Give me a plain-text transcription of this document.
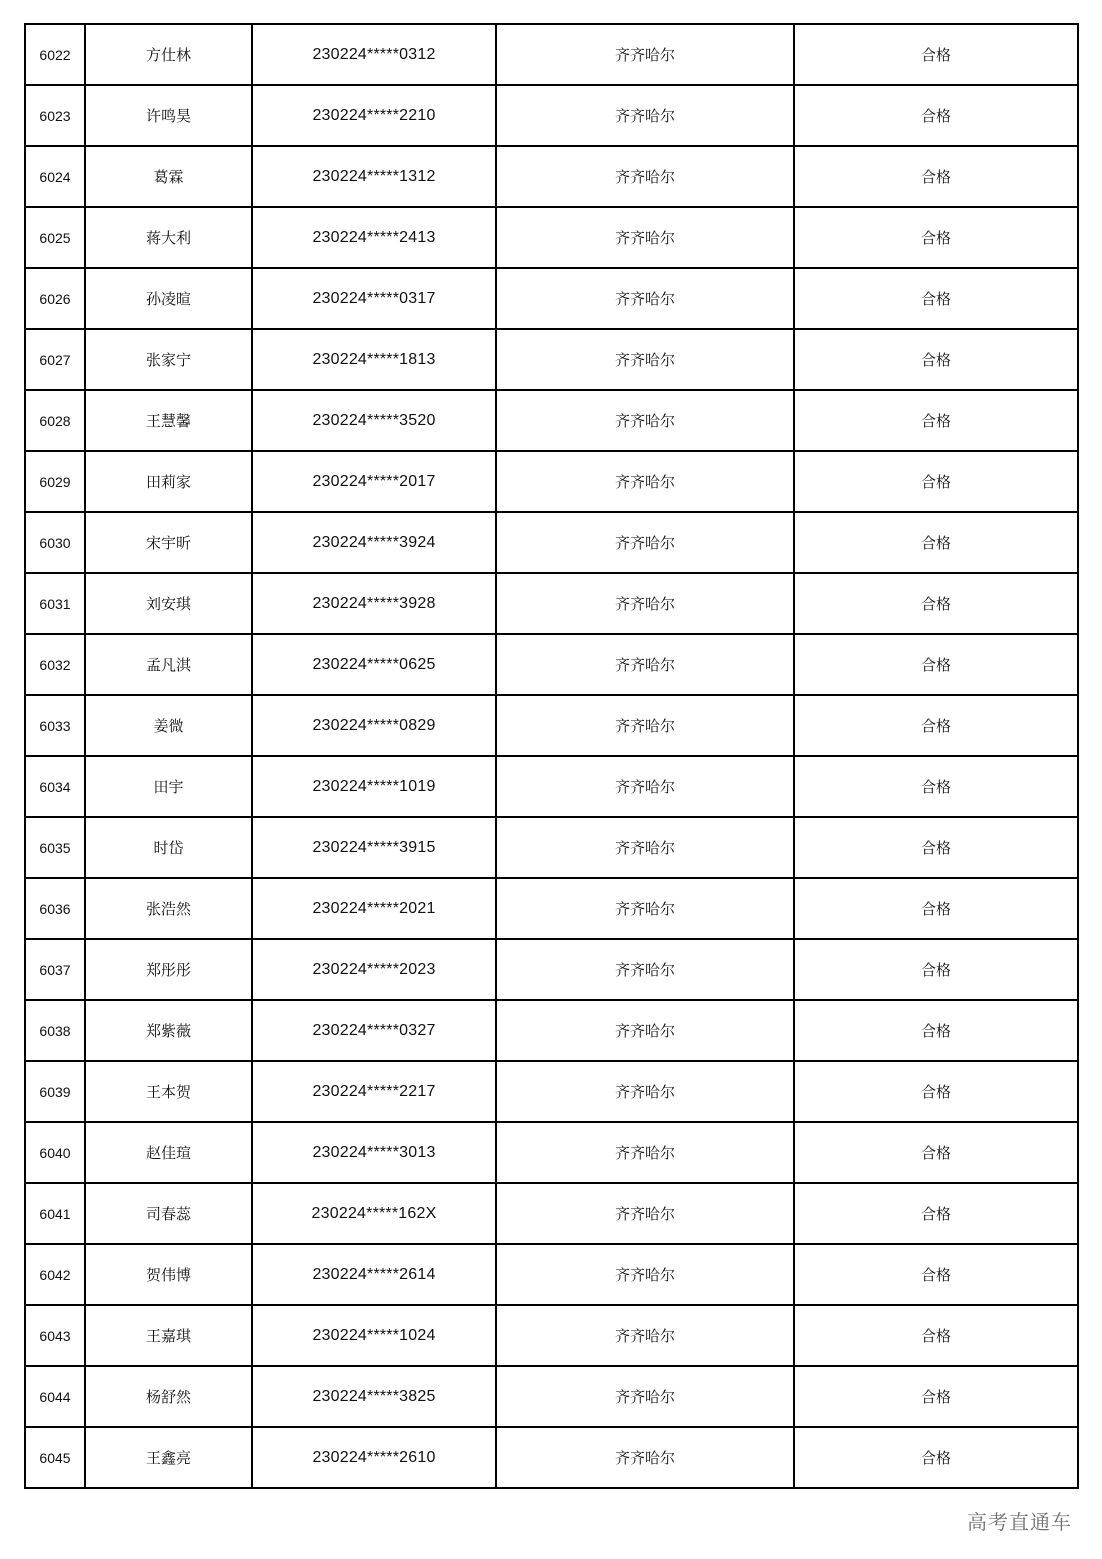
6022	方仕林	230224*****0312	齐齐哈尔	合格
6023	许鸣昊	230224*****2210	齐齐哈尔	合格
6024	葛霖	230224*****1312	齐齐哈尔	合格
6025	蒋大利	230224*****2413	齐齐哈尔	合格
6026	孙凌暄	230224*****0317	齐齐哈尔	合格
6027	张家宁	230224*****1813	齐齐哈尔	合格
6028	王慧馨	230224*****3520	齐齐哈尔	合格
6029	田莉家	230224*****2017	齐齐哈尔	合格
6030	宋宇昕	230224*****3924	齐齐哈尔	合格
6031	刘安琪	230224*****3928	齐齐哈尔	合格
6032	孟凡淇	230224*****0625	齐齐哈尔	合格
6033	姜微	230224*****0829	齐齐哈尔	合格
6034	田宇	230224*****1019	齐齐哈尔	合格
6035	时岱	230224*****3915	齐齐哈尔	合格
6036	张浩然	230224*****2021	齐齐哈尔	合格
6037	郑彤彤	230224*****2023	齐齐哈尔	合格
6038	郑紫薇	230224*****0327	齐齐哈尔	合格
6039	王本贺	230224*****2217	齐齐哈尔	合格
6040	赵佳瑄	230224*****3013	齐齐哈尔	合格
6041	司春蕊	230224*****162X	齐齐哈尔	合格
6042	贺伟博	230224*****2614	齐齐哈尔	合格
6043	王嘉琪	230224*****1024	齐齐哈尔	合格
6044	杨舒然	230224*****3825	齐齐哈尔	合格
6045	王鑫亮	230224*****2610	齐齐哈尔	合格
高考直通车
